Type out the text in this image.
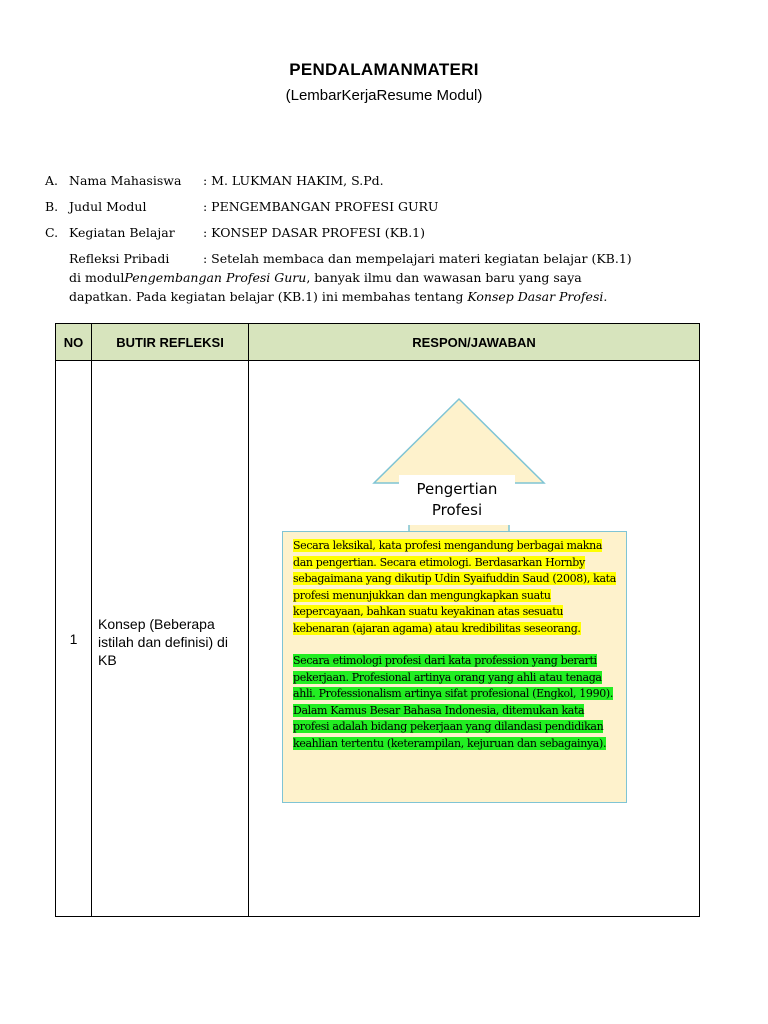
PENDALAMANMATERI
(LembarKerjaResume Modul)
A. Nama Mahasiswa : M. LUKMAN HAKIM, S.Pd.
B. Judul Modul	: PENGEMBANGAN PROFESI GURU
C. Kegiatan Belajar : KONSEP DASAR PROFESI (KB.1)
Refleksi Pribadi	: Setelah membaca dan mempelajari materi kegiatan belajar (KB.1)

di modulPengembangan Profesi Guru, banyak ilmu dan wawasan baru yang saya

dapatkan. Pada kegiatan belajar (KB.1) ini membahas tentang Konsep Dasar Profesi.

NO	BUTIR REFLEKSI	RESPON/JAWABAN
1	Konsep (Beberapa istilah dan definisi) di KB	Pengertian Profesi

Secara leksikal, kata profesi mengandung berbagai makna dan pengertian. Secara etimologi. Berdasarkan Hornby sebagaimana yang dikutip Udin Syaifuddin Saud (2008), kata profesi menunjukkan dan mengungkapkan suatu kepercayaan, bahkan suatu keyakinan atas sesuatu kebenaran (ajaran agama) atau kredibilitas seseorang.

Secara etimologi profesi dari kata profession yang berarti pekerjaan. Profesional artinya orang yang ahli atau tenaga ahli. Professionalism artinya sifat profesional (Engkol, 1990). Dalam Kamus Besar Bahasa Indonesia, ditemukan kata profesi adalah bidang pekerjaan yang dilandasi pendidikan keahlian tertentu (keterampilan, kejuruan dan sebagainya).
